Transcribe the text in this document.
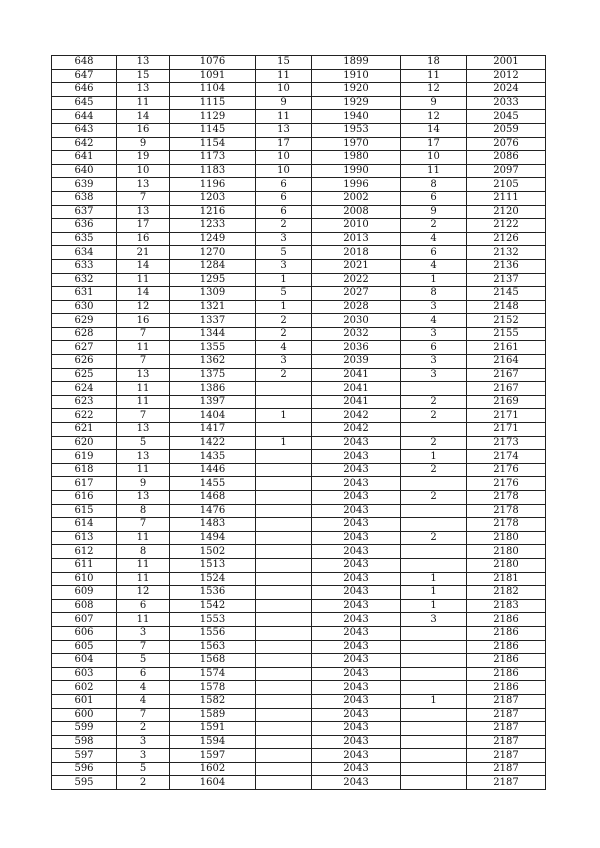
648	13	1076	15	1899	18	2001
647	15	1091	11	1910	11	2012
646	13	1104	10	1920	12	2024
645	11	1115	9	1929	9	2033
644	14	1129	11	1940	12	2045
643	16	1145	13	1953	14	2059
642	9	1154	17	1970	17	2076
641	19	1173	10	1980	10	2086
640	10	1183	10	1990	11	2097
639	13	1196	6	1996	8	2105
638	7	1203	6	2002	6	2111
637	13	1216	6	2008	9	2120
636	17	1233	2	2010	2	2122
635	16	1249	3	2013	4	2126
634	21	1270	5	2018	6	2132
633	14	1284	3	2021	4	2136
632	11	1295	1	2022	1	2137
631	14	1309	5	2027	8	2145
630	12	1321	1	2028	3	2148
629	16	1337	2	2030	4	2152
628	7	1344	2	2032	3	2155
627	11	1355	4	2036	6	2161
626	7	1362	3	2039	3	2164
625	13	1375	2	2041	3	2167
624	11	1386		2041		2167
623	11	1397		2041	2	2169
622	7	1404	1	2042	2	2171
621	13	1417		2042		2171
620	5	1422	1	2043	2	2173
619	13	1435		2043	1	2174
618	11	1446		2043	2	2176
617	9	1455		2043		2176
616	13	1468		2043	2	2178
615	8	1476		2043		2178
614	7	1483		2043		2178
613	11	1494		2043	2	2180
612	8	1502		2043		2180
611	11	1513		2043		2180
610	11	1524		2043	1	2181
609	12	1536		2043	1	2182
608	6	1542		2043	1	2183
607	11	1553		2043	3	2186
606	3	1556		2043		2186
605	7	1563		2043		2186
604	5	1568		2043		2186
603	6	1574		2043		2186
602	4	1578		2043		2186
601	4	1582		2043	1	2187
600	7	1589		2043		2187
599	2	1591		2043		2187
598	3	1594		2043		2187
597	3	1597		2043		2187
596	5	1602		2043		2187
595	2	1604		2043		2187
